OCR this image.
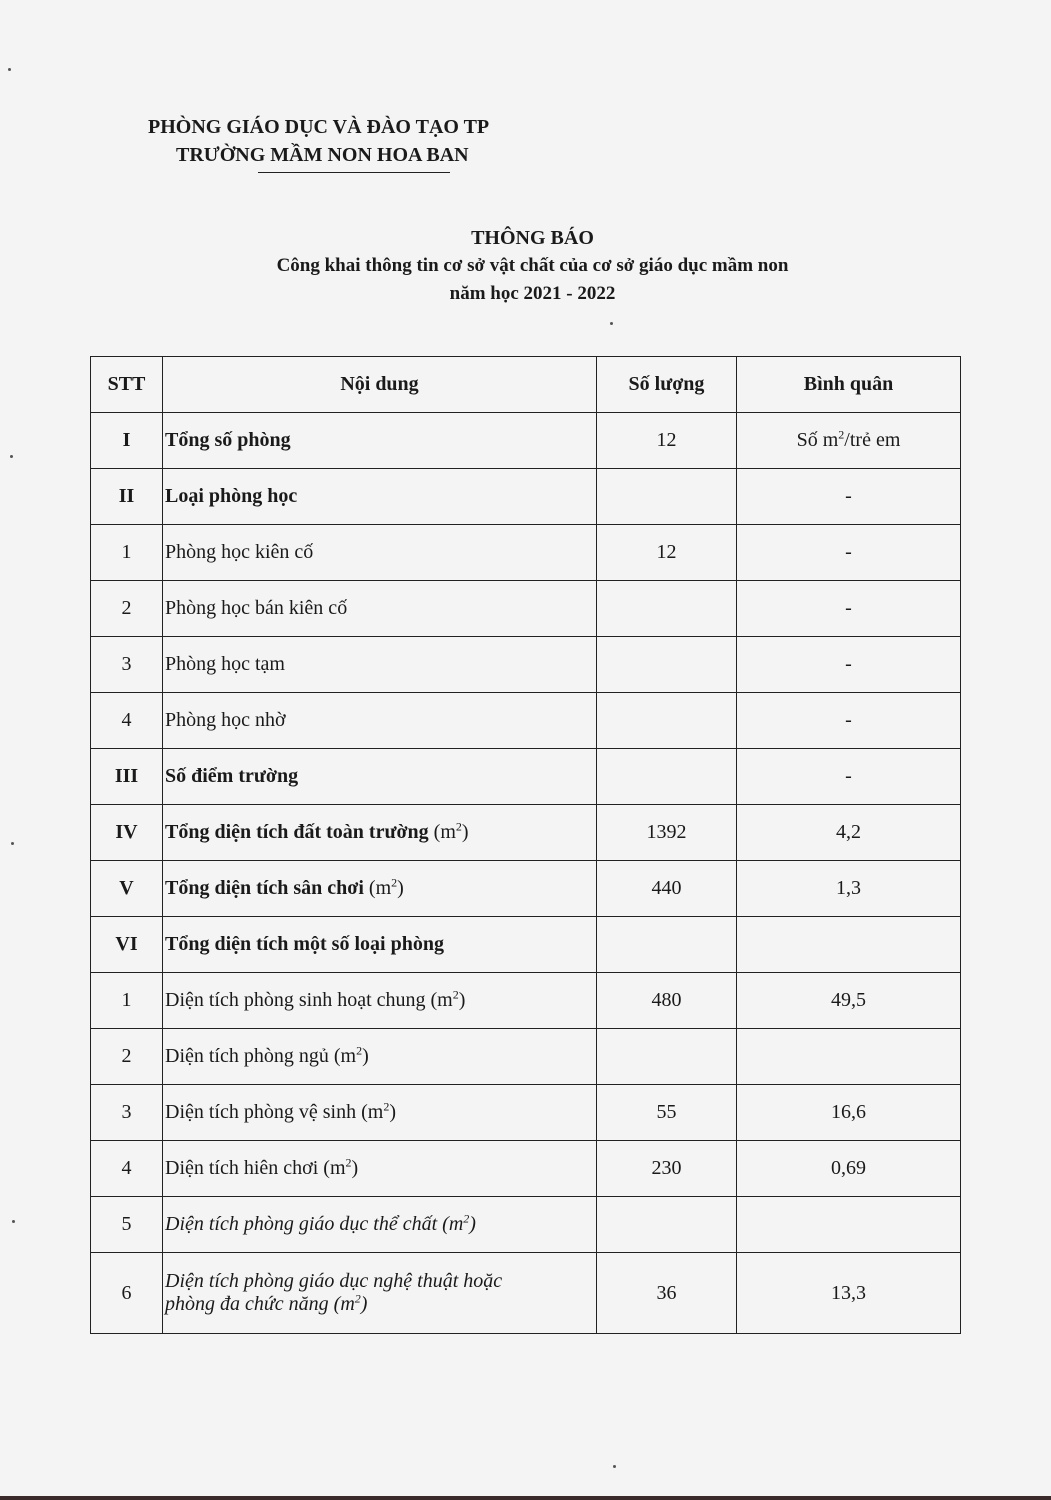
PHÒNG GIÁO DỤC VÀ ĐÀO TẠO TP
TRƯỜNG MẦM NON HOA BAN
THÔNG BÁO
Công khai thông tin cơ sở vật chất của cơ sở giáo dục mầm non
năm học 2021 - 2022
STT	Nội dung	Số lượng	Bình quân
I	Tổng số phòng	12	Số $m^2$/trẻ em
II	Loại phòng học		-
1	Phòng học kiên cố	12	-
2	Phòng học bán kiên cố		-
3	Phòng học tạm		-
4	Phòng học nhờ		-
III	Số điểm trường		-
IV	Tổng diện tích đất toàn trường $(m^2)$	1392	4,2
V	Tổng diện tích sân chơi $(m^2)$	440	1,3
VI	Tổng diện tích một số loại phòng		
1	Diện tích phòng sinh hoạt chung $(m^2)$	480	49,5
2	Diện tích phòng ngủ $(m^2)$		
3	Diện tích phòng vệ $\sinh (m^2)$	55	16,6
4	Diện tích hiên chơi $(m^2)$	230	0,69
5	Diện tích phòng giáo dục thể chất $(m^2)$		
6	Diện tích phòng giáo dục nghệ thuật hoặc
phòng đa chức năng $(m^2)$	36	13,3
